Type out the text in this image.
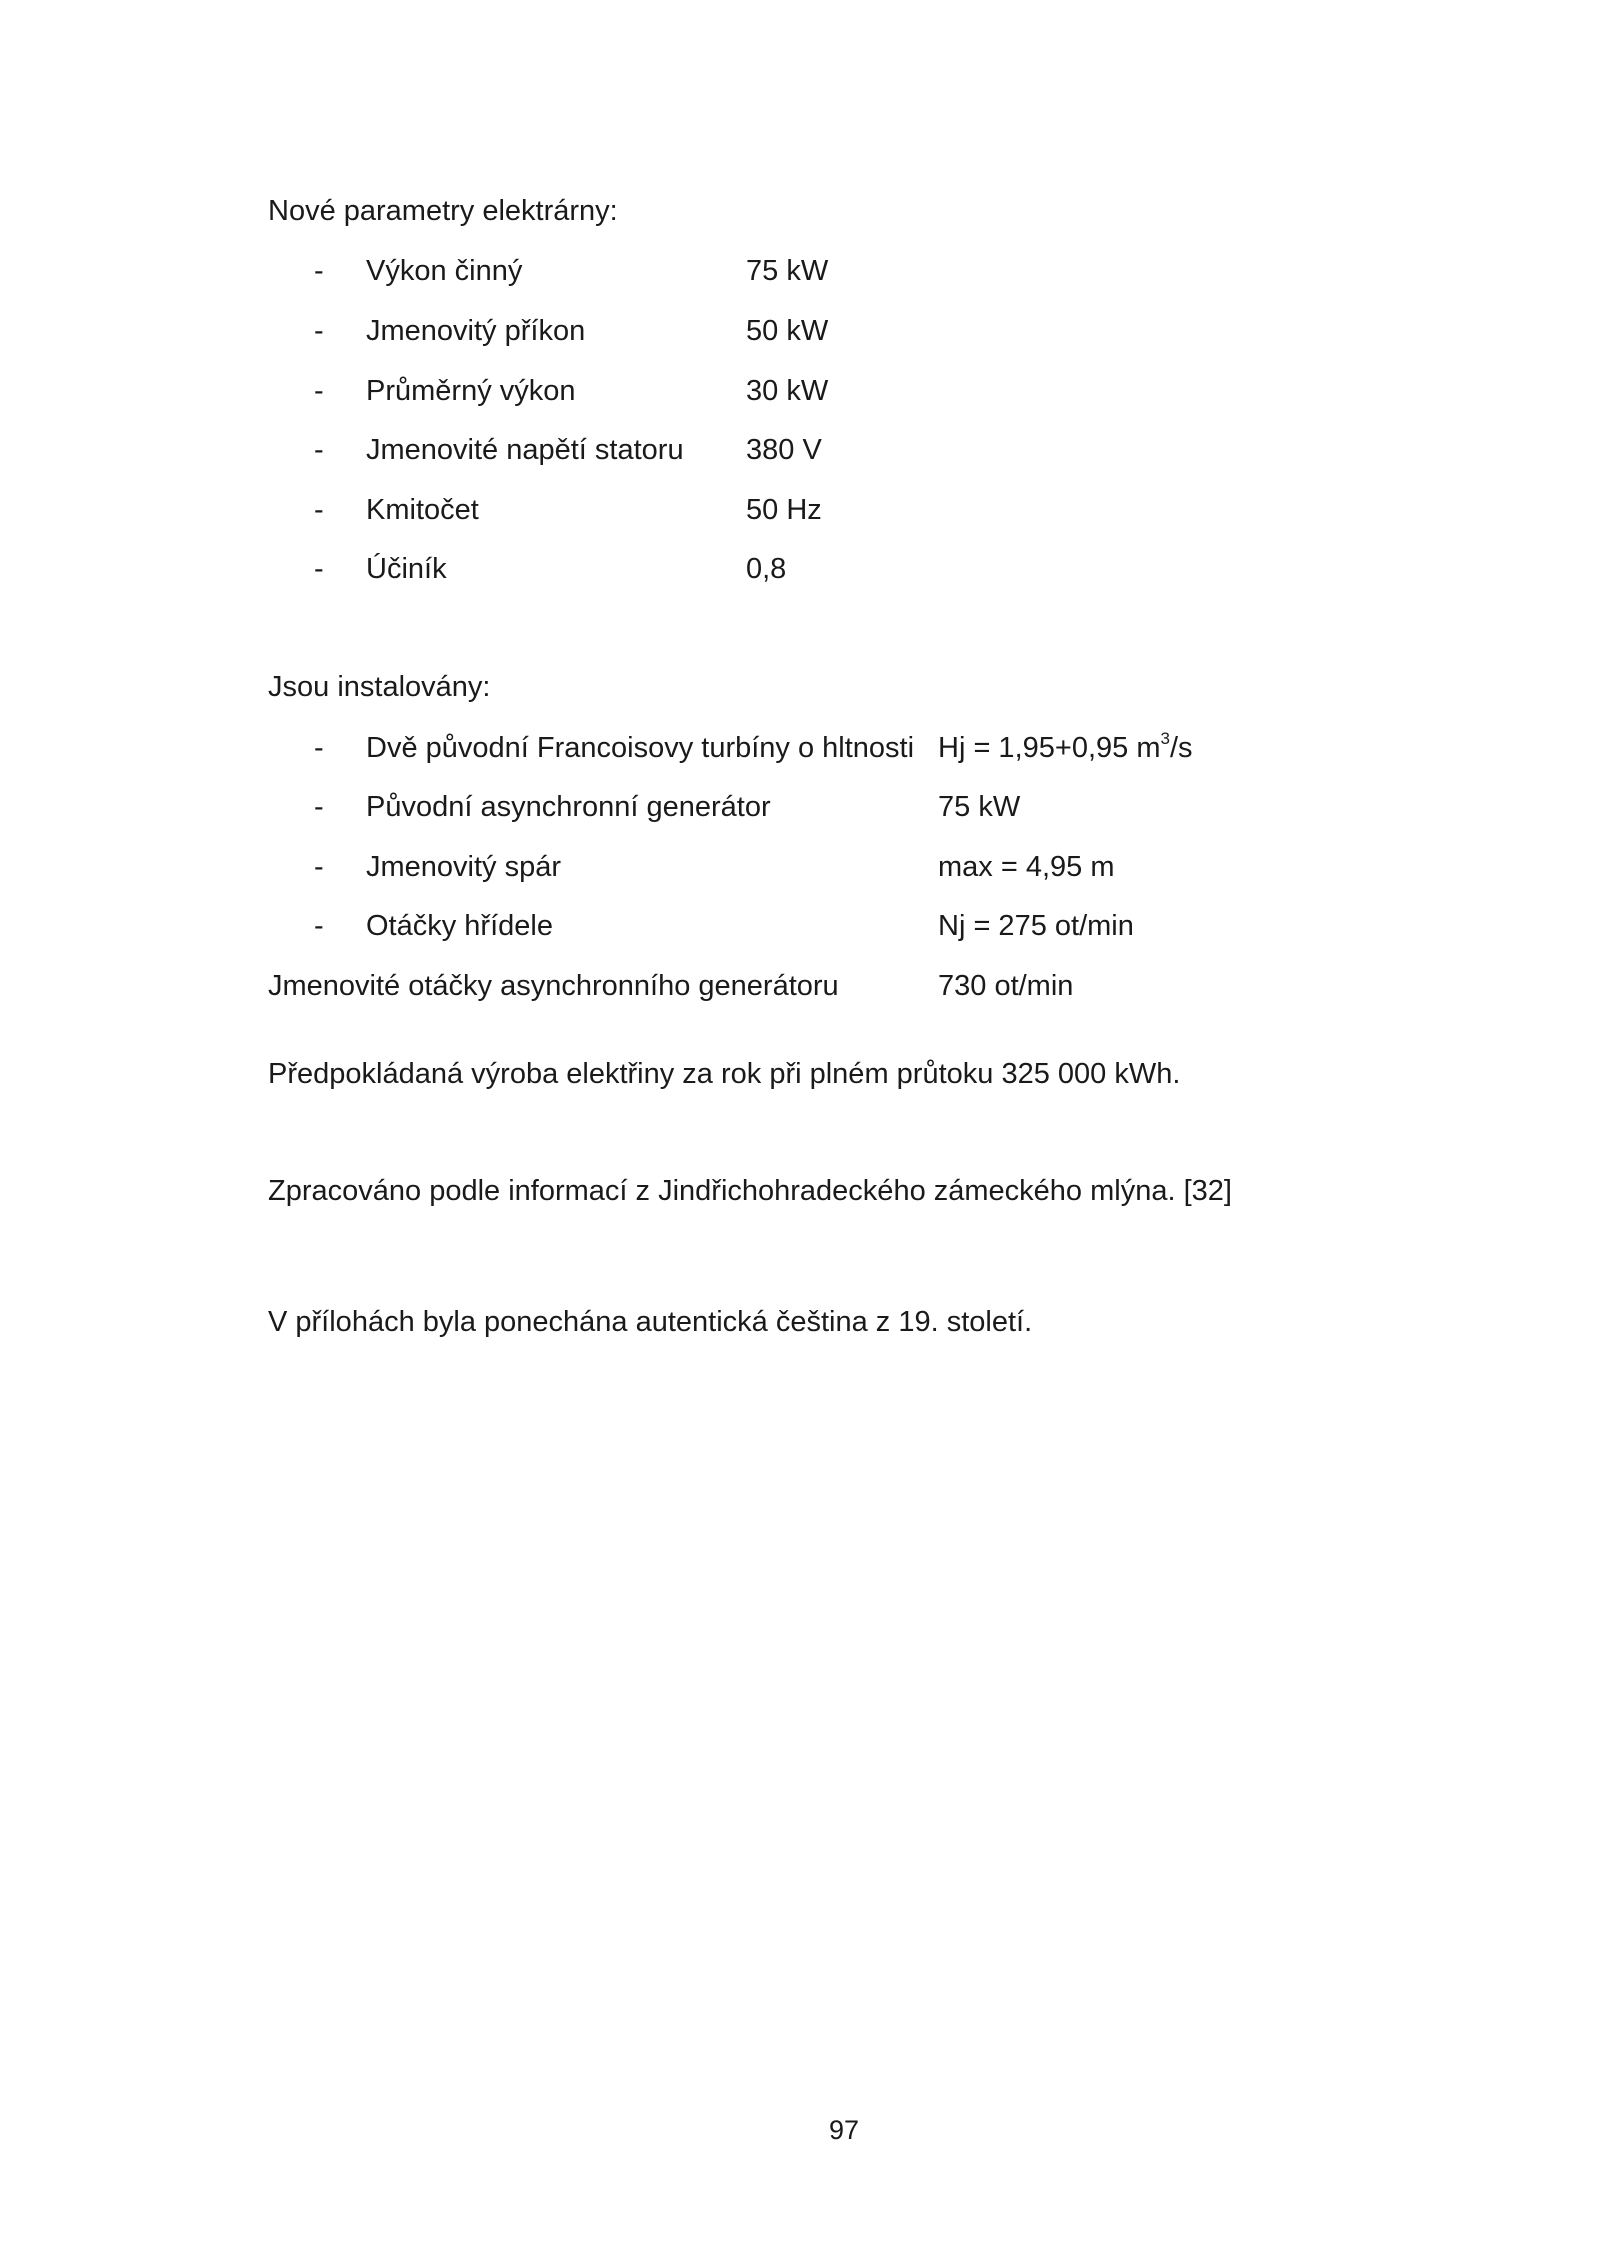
Nové parametry elektrárny:
- Výkon činný	75 kW
- Jmenovitý příkon	50 kW
- Průměrný výkon	30 kW
- Jmenovité napětí statoru 380 V
- Kmitočet	50 Hz
- Účiník	0,8
Jsou instalovány:
- Dvě původní Francoisovy turbíny o hltnosti Hj = 1,95+0,95 $m^3/s$
- Původní asynchronní generátor	75 kW
- Jmenovitý spár	max = 4,95 m
- Otáčky hřídele	Nj = 275 ot/min
Jmenovité otáčky asynchronního generátoru	730 ot/min
Předpokládaná výroba elektřiny za rok při plném průtoku 325 000 kWh.
Zpracováno podle informací z Jindřichohradeckého zámeckého mlýna. [32]
V přílohách byla ponechána autentická čeština z 19. století.
97
